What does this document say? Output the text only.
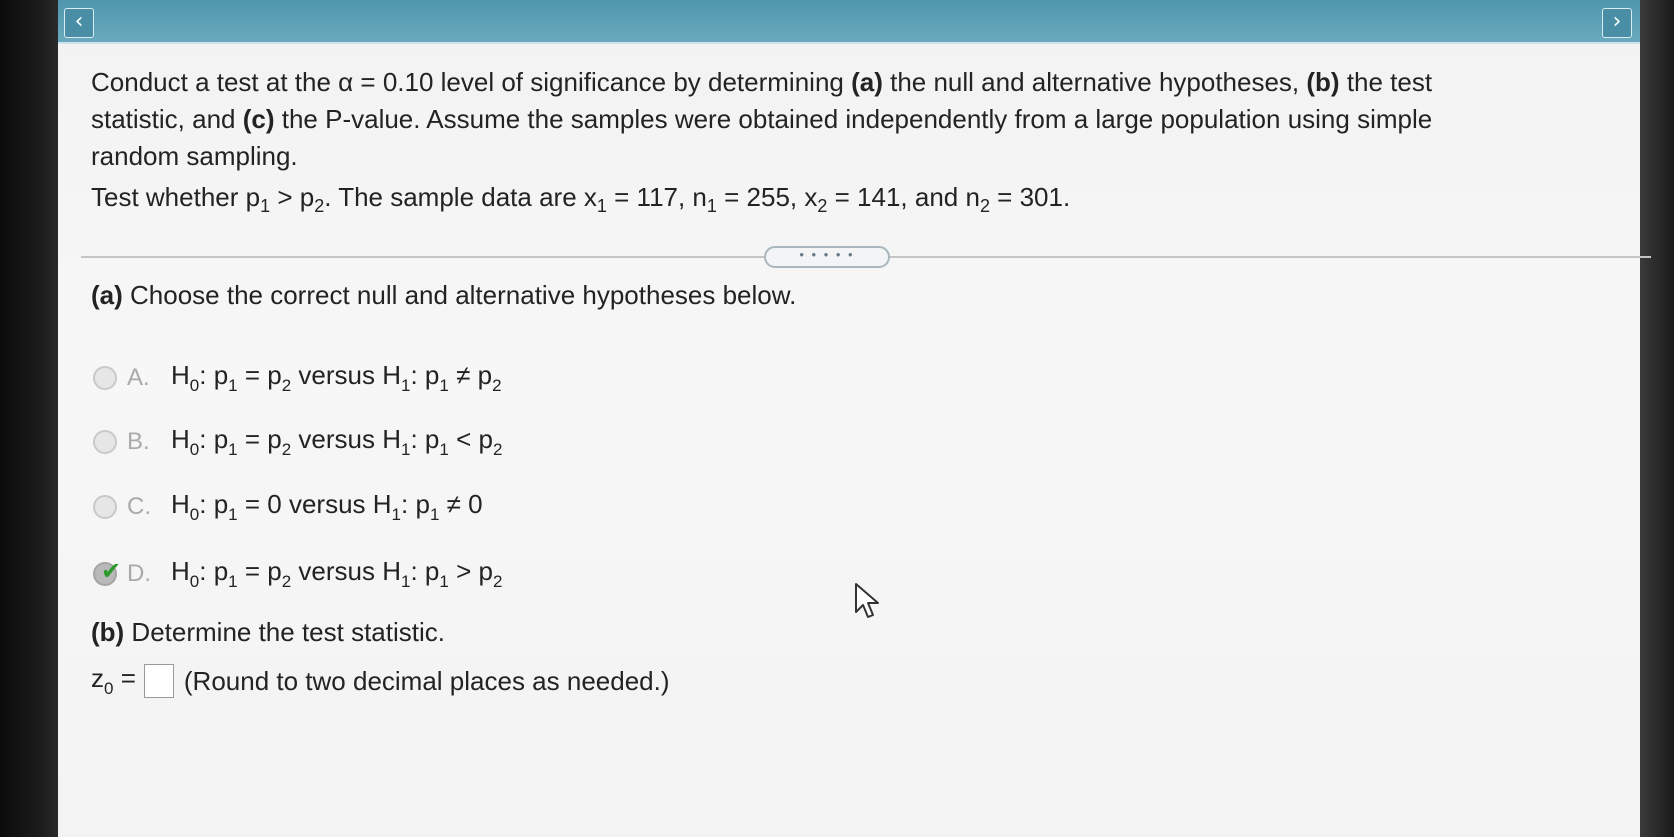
‹	›
Conduct a test at the α = 0.10 level of significance by determining (a) the null and alternative hypotheses, (b) the test
statistic, and (c) the P-value. Assume the samples were obtained independently from a large population using simple
random sampling.
Test whether $p_1 > p_2$. The sample data are $x_1 = 117$, $n_1 = 255$, $x_2 = 141$, and $n_2 = 301$.
• • • • •
(a) Choose the correct null and alternative hypotheses below.
A. $H_0$: $p_1 = p_2$ versus $H_1$: $p_1 \ne p_2$
B. $H_0$: $p_1 = p_2$ versus $H_1$: $p_1 < p_2$
C. $H_0$: $p_1 = 0$ versus $H_1$: $p_1 \ne 0$
✔ D. $H_0$: $p_1 = p_2$ versus $H_1$: $p_1 > p_2$
(b) Determine the test statistic.
$z_0$ = (Round to two decimal places as needed.)
